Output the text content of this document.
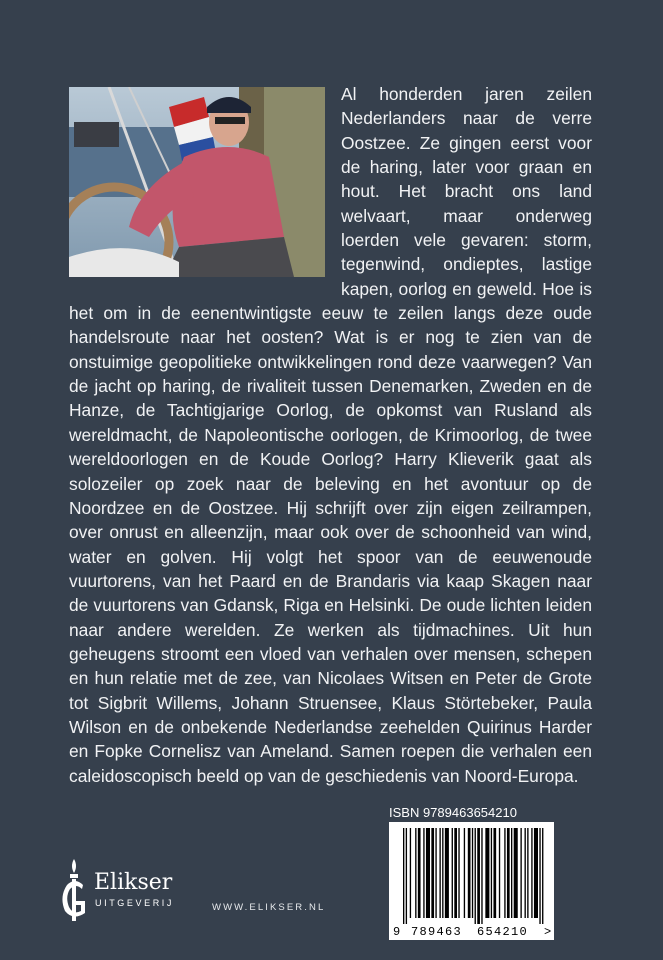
Al honderden jaren zeilen Nederlanders naar de verre Oostzee. Ze gingen eerst voor de haring, later voor graan en hout. Het bracht ons land welvaart, maar onderweg loerden vele gevaren: storm, tegenwind, ondieptes, lastige kapen, oorlog en geweld. Hoe is het om in de eenentwintigste eeuw te zeilen langs deze oude handelsroute naar het oosten? Wat is er nog te zien van de onstuimige geopolitieke ontwikkelingen rond deze vaarwegen? Van de jacht op haring, de rivaliteit tussen Denemarken, Zweden en de Hanze, de Tachtigjarige Oorlog, de opkomst van Rusland als wereldmacht, de Napoleontische oorlogen, de Krimoorlog, de twee wereldoorlogen en de Koude Oorlog? Harry Klieverik gaat als solozeiler op zoek naar de beleving en het avontuur op de Noordzee en de Oostzee. Hij schrijft over zijn eigen zeilrampen, over onrust en alleenzijn, maar ook over de schoonheid van wind, water en golven. Hij volgt het spoor van de eeuwenoude vuurtorens, van het Paard en de Brandaris via kaap Skagen naar de vuurtorens van Gdansk, Riga en Helsinki. De oude lichten leiden naar andere werelden. Ze werken als tijdmachines. Uit hun geheugens stroomt een vloed van verhalen over mensen, schepen en hun relatie met de zee, van Nicolaes Witsen en Peter de Grote tot Sigbrit Willems, Johann Struensee, Klaus Störtebeker, Paula Wilson en de onbekende Nederlandse zeehelden Quirinus Harder en Fopke Cornelisz van Ameland. Samen roepen die verhalen een caleidoscopisch beeld op van de geschiedenis van Noord-Europa.

ISBN 9789463654210
9 789463 654210 >
Elikser
UITGEVERIJ	WWW.ELIKSER.NL
